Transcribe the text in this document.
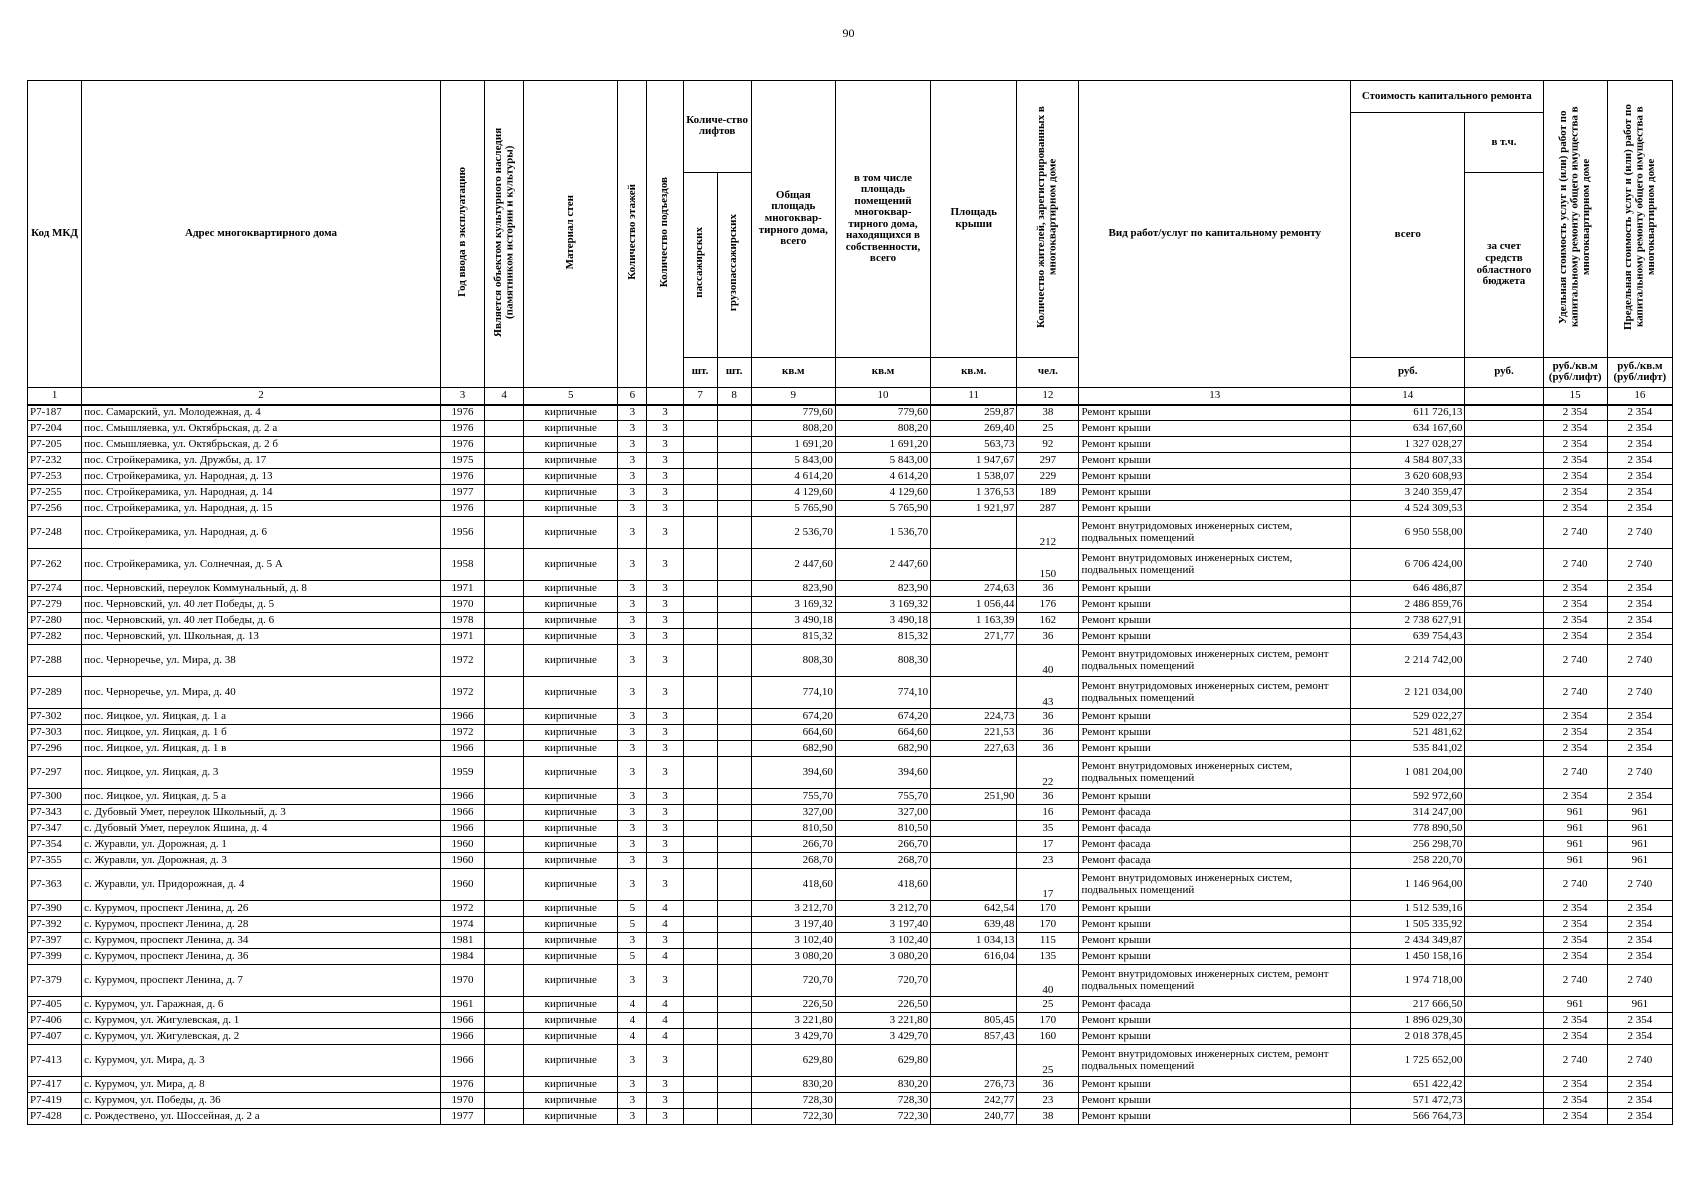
90
Код МКД	Адрес многоквартирного дома	Год ввода в эксплуатацию	Является объектом культурного наследия (памятником истории и культуры)	Материал стен	Количество этажей	Количество подъездов	Количе-ство лифтов		Общая площадь многоквар-тирного дома, всего	в том числе площадь помещений многоквар-тирного дома, находящихся в собственности, всего	Площадь крыши	Количество жителей, зарегистрированных в многоквартирном доме	Вид работ/услуг по капитальному ремонту	Стоимость капитального ремонта		Удельная стоимость услуг и (или) работ по капитальному ремонту общего имущества в многоквартирном доме	Предельная стоимость услуг и (или) работ по капитальному ремонту общего имущества в многоквартирном доме
														всего	в т.ч.		
							пассажирских	грузопассажирских							за счет средств областного бюджета		
							шт.	шт.	кв.м	кв.м	кв.м.	чел.		руб.	руб.	руб./кв.м (руб/лифт)	руб./кв.м (руб/лифт)
1	2	3	4	5	6		7	8	9	10	11	12	13	14		15	16
Р7-187	пос. Самарский, ул. Молодежная, д. 4	1976		кирпичные	3	3			779,60	779,60	259,87	38	Ремонт крыши	611 726,13		2 354	2 354
Р7-204	пос. Смышляевка, ул. Октябрьская, д. 2 а	1976		кирпичные	3	3			808,20	808,20	269,40	25	Ремонт крыши	634 167,60		2 354	2 354
Р7-205	пос. Смышляевка, ул. Октябрьская, д. 2 б	1976		кирпичные	3	3			1 691,20	1 691,20	563,73	92	Ремонт крыши	1 327 028,27		2 354	2 354
Р7-232	пос. Стройкерамика, ул. Дружбы, д. 17	1975		кирпичные	3	3			5 843,00	5 843,00	1 947,67	297	Ремонт крыши	4 584 807,33		2 354	2 354
Р7-253	пос. Стройкерамика, ул. Народная, д. 13	1976		кирпичные	3	3			4 614,20	4 614,20	1 538,07	229	Ремонт крыши	3 620 608,93		2 354	2 354
Р7-255	пос. Стройкерамика, ул. Народная, д. 14	1977		кирпичные	3	3			4 129,60	4 129,60	1 376,53	189	Ремонт крыши	3 240 359,47		2 354	2 354
Р7-256	пос. Стройкерамика, ул. Народная, д. 15	1976		кирпичные	3	3			5 765,90	5 765,90	1 921,97	287	Ремонт крыши	4 524 309,53		2 354	2 354
Р7-248	пос. Стройкерамика, ул. Народная, д. 6	1956		кирпичные	3	3			2 536,70	1 536,70		212	Ремонт внутридомовых инженерных систем, подвальных помещений	6 950 558,00		2 740	2 740
Р7-262	пос. Стройкерамика, ул. Солнечная, д. 5 А	1958		кирпичные	3	3			2 447,60	2 447,60		150	Ремонт внутридомовых инженерных систем, подвальных помещений	6 706 424,00		2 740	2 740
Р7-274	пос. Черновский, переулок Коммунальный, д. 8	1971		кирпичные	3	3			823,90	823,90	274,63	36	Ремонт крыши	646 486,87		2 354	2 354
Р7-279	пос. Черновский, ул. 40 лет Победы, д. 5	1970		кирпичные	3	3			3 169,32	3 169,32	1 056,44	176	Ремонт крыши	2 486 859,76		2 354	2 354
Р7-280	пос. Черновский, ул. 40 лет Победы, д. 6	1978		кирпичные	3	3			3 490,18	3 490,18	1 163,39	162	Ремонт крыши	2 738 627,91		2 354	2 354
Р7-282	пос. Черновский, ул. Школьная, д. 13	1971		кирпичные	3	3			815,32	815,32	271,77	36	Ремонт крыши	639 754,43		2 354	2 354
Р7-288	пос. Черноречье, ул. Мира, д. 38	1972		кирпичные	3	3			808,30	808,30		40	Ремонт внутридомовых инженерных систем, ремонт подвальных помещений	2 214 742,00		2 740	2 740
Р7-289	пос. Черноречье, ул. Мира, д. 40	1972		кирпичные	3	3			774,10	774,10		43	Ремонт внутридомовых инженерных систем, ремонт подвальных помещений	2 121 034,00		2 740	2 740
Р7-302	пос. Яицкое, ул. Яицкая, д. 1 а	1966		кирпичные	3	3			674,20	674,20	224,73	36	Ремонт крыши	529 022,27		2 354	2 354
Р7-303	пос. Яицкое, ул. Яицкая, д. 1 б	1972		кирпичные	3	3			664,60	664,60	221,53	36	Ремонт крыши	521 481,62		2 354	2 354
Р7-296	пос. Яицкое, ул. Яицкая, д. 1 в	1966		кирпичные	3	3			682,90	682,90	227,63	36	Ремонт крыши	535 841,02		2 354	2 354
Р7-297	пос. Яицкое, ул. Яицкая, д. 3	1959		кирпичные	3	3			394,60	394,60		22	Ремонт внутридомовых инженерных систем, подвальных помещений	1 081 204,00		2 740	2 740
Р7-300	пос. Яицкое, ул. Яицкая, д. 5 а	1966		кирпичные	3	3			755,70	755,70	251,90	36	Ремонт крыши	592 972,60		2 354	2 354
Р7-343	с. Дубовый Умет, переулок Школьный, д. 3	1966		кирпичные	3	3			327,00	327,00		16	Ремонт фасада	314 247,00		961	961
Р7-347	с. Дубовый Умет, переулок Яшина, д. 4	1966		кирпичные	3	3			810,50	810,50		35	Ремонт фасада	778 890,50		961	961
Р7-354	с. Журавли, ул. Дорожная, д. 1	1960		кирпичные	3	3			266,70	266,70		17	Ремонт фасада	256 298,70		961	961
Р7-355	с. Журавли, ул. Дорожная, д. 3	1960		кирпичные	3	3			268,70	268,70		23	Ремонт фасада	258 220,70		961	961
Р7-363	с. Журавли, ул. Придорожная, д. 4	1960		кирпичные	3	3			418,60	418,60		17	Ремонт внутридомовых инженерных систем, подвальных помещений	1 146 964,00		2 740	2 740
Р7-390	с. Курумоч, проспект Ленина, д. 26	1972		кирпичные	5	4			3 212,70	3 212,70	642,54	170	Ремонт крыши	1 512 539,16		2 354	2 354
Р7-392	с. Курумоч, проспект Ленина, д. 28	1974		кирпичные	5	4			3 197,40	3 197,40	639,48	170	Ремонт крыши	1 505 335,92		2 354	2 354
Р7-397	с. Курумоч, проспект Ленина, д. 34	1981		кирпичные	3	3			3 102,40	3 102,40	1 034,13	115	Ремонт крыши	2 434 349,87		2 354	2 354
Р7-399	с. Курумоч, проспект Ленина, д. 36	1984		кирпичные	5	4			3 080,20	3 080,20	616,04	135	Ремонт крыши	1 450 158,16		2 354	2 354
Р7-379	с. Курумоч, проспект Ленина, д. 7	1970		кирпичные	3	3			720,70	720,70		40	Ремонт внутридомовых инженерных систем, ремонт подвальных помещений	1 974 718,00		2 740	2 740
Р7-405	с. Курумоч, ул. Гаражная, д. 6	1961		кирпичные	4	4			226,50	226,50		25	Ремонт фасада	217 666,50		961	961
Р7-406	с. Курумоч, ул. Жигулевская, д. 1	1966		кирпичные	4	4			3 221,80	3 221,80	805,45	170	Ремонт крыши	1 896 029,30		2 354	2 354
Р7-407	с. Курумоч, ул. Жигулевская, д. 2	1966		кирпичные	4	4			3 429,70	3 429,70	857,43	160	Ремонт крыши	2 018 378,45		2 354	2 354
Р7-413	с. Курумоч, ул. Мира, д. 3	1966		кирпичные	3	3			629,80	629,80		25	Ремонт внутридомовых инженерных систем, ремонт подвальных помещений	1 725 652,00		2 740	2 740
Р7-417	с. Курумоч, ул. Мира, д. 8	1976		кирпичные	3	3			830,20	830,20	276,73	36	Ремонт крыши	651 422,42		2 354	2 354
Р7-419	с. Курумоч, ул. Победы, д. 36	1970		кирпичные	3	3			728,30	728,30	242,77	23	Ремонт крыши	571 472,73		2 354	2 354
Р7-428	с. Рождествено, ул. Шоссейная, д. 2 а	1977		кирпичные	3	3			722,30	722,30	240,77	38	Ремонт крыши	566 764,73		2 354	2 354
